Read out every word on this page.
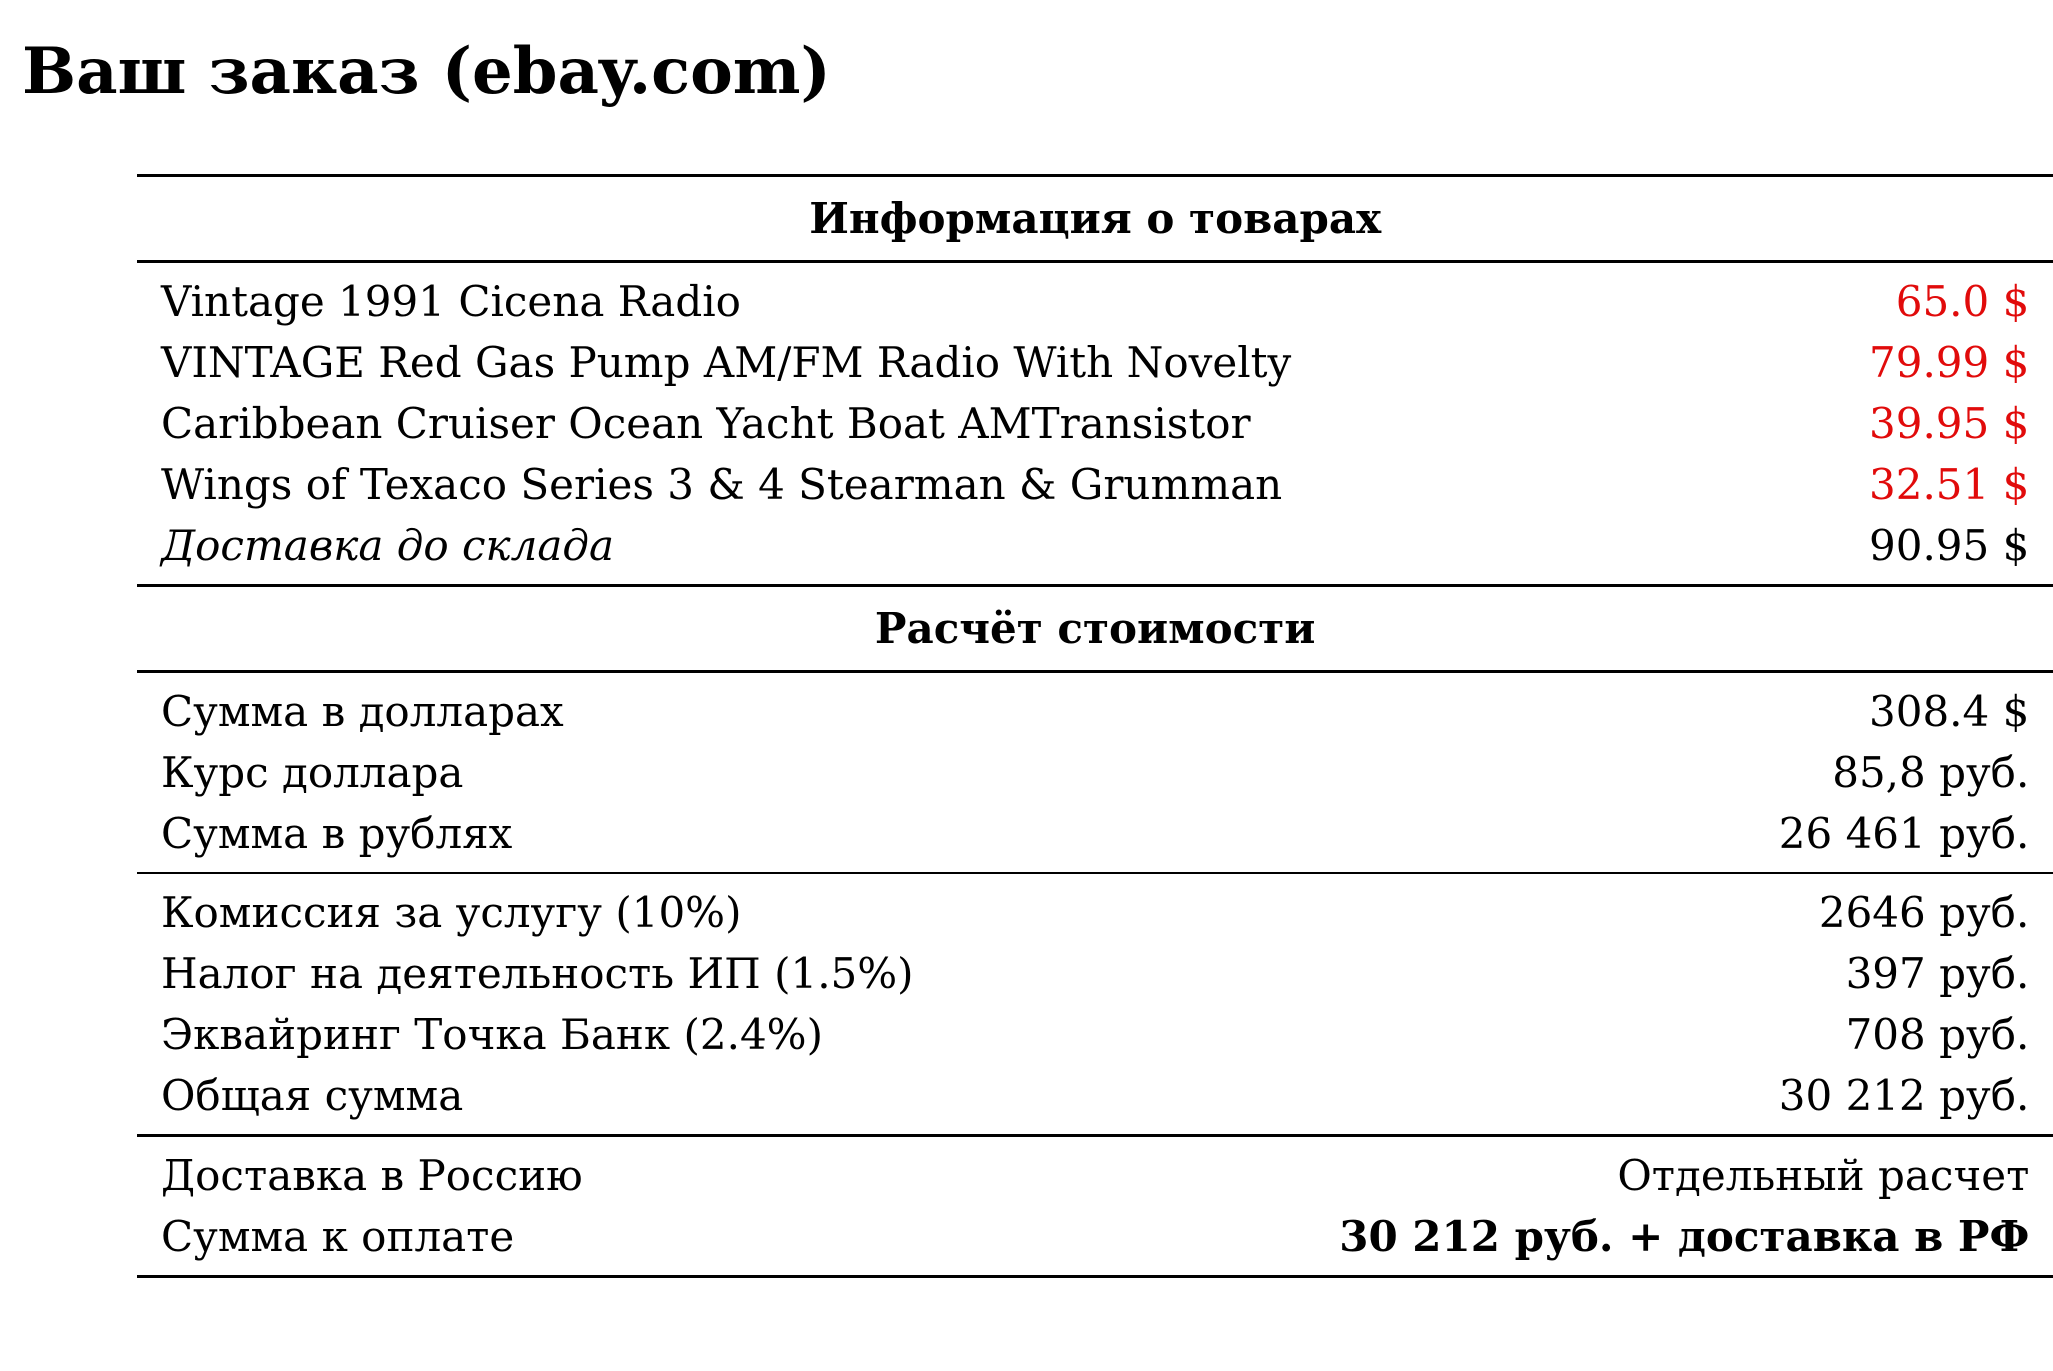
Ваш заказ (ebay.com)
Информация о товарах	
Vintage 1991 Cicena Radio	65.0 $
VINTAGE Red Gas Pump AM/FM Radio With Novelty	79.99 $
Caribbean Cruiser Ocean Yacht Boat AMTransistor	39.95 $
Wings of Texaco Series 3 & 4 Stearman & Grumman	32.51 $
Доставка до склада	90.95 $
Расчёт стоимости	
Сумма в долларах	308.4 $
Курс доллара	85,8 руб.
Сумма в рублях	26 461 руб.
Комиссия за услугу (10%)	2646 руб.
Налог на деятельность ИП (1.5%)	397 руб.
Эквайринг Точка Банк (2.4%)	708 руб.
Общая сумма	30 212 руб.
Доставка в Россию	Отдельный расчет
Сумма к оплате	30 212 руб. + доставка в РФ
